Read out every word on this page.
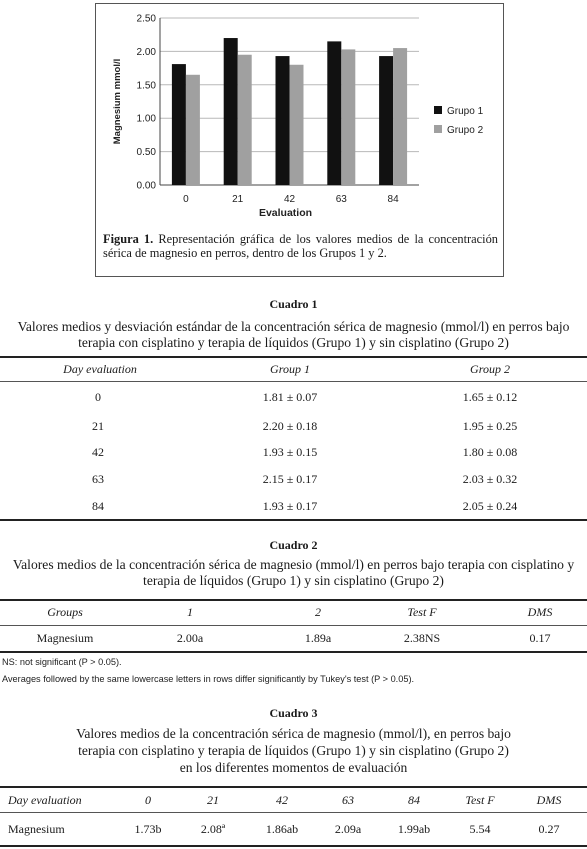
0.00
0.50
1.00
1.50
2.00
2.50
0	21	42	63	84
Evaluation
Magnesium mmol/l	Grupo 1
Grupo 2
Figura 1. Representación gráfica de los valores medios de la concentración sérica de magnesio en perros, dentro de los Grupos 1 y 2.
Cuadro 1
Valores medios y desviación estándar de la concentración sérica de magnesio (mmol/l) en perros bajo terapia con cisplatino y terapia de líquidos (Grupo 1) y sin cisplatino (Grupo 2)
Day evaluation	Group 1	Group 2
0	1.81 ± 0.07	1.65 ± 0.12
21	2.20 ± 0.18	1.95 ± 0.25
42	1.93 ± 0.15	1.80 ± 0.08
63	2.15 ± 0.17	2.03 ± 0.32
84	1.93 ± 0.17	2.05 ± 0.24
Cuadro 2
Valores medios de la concentración sérica de magnesio (mmol/l) en perros bajo terapia con cisplatino y terapia de líquidos (Grupo 1) y sin cisplatino (Grupo 2)
Groups	1	2	Test F	DMS
Magnesium	2.00a	1.89a	2.38NS	0.17
NS: not significant (P > 0.05).
Averages followed by the same lowercase letters in rows differ significantly by Tukey's test (P > 0.05).
Cuadro 3
Valores medios de la concentración sérica de magnesio (mmol/l), en perros bajo
terapia con cisplatino y terapia de líquidos (Grupo 1) y sin cisplatino (Grupo 2)
en los diferentes momentos de evaluación
Day evaluation	0	21	42	63	84	Test F	DMS
Magnesium	1.73b	2.08ª	1.86ab	2.09a	1.99ab	5.54	0.27
